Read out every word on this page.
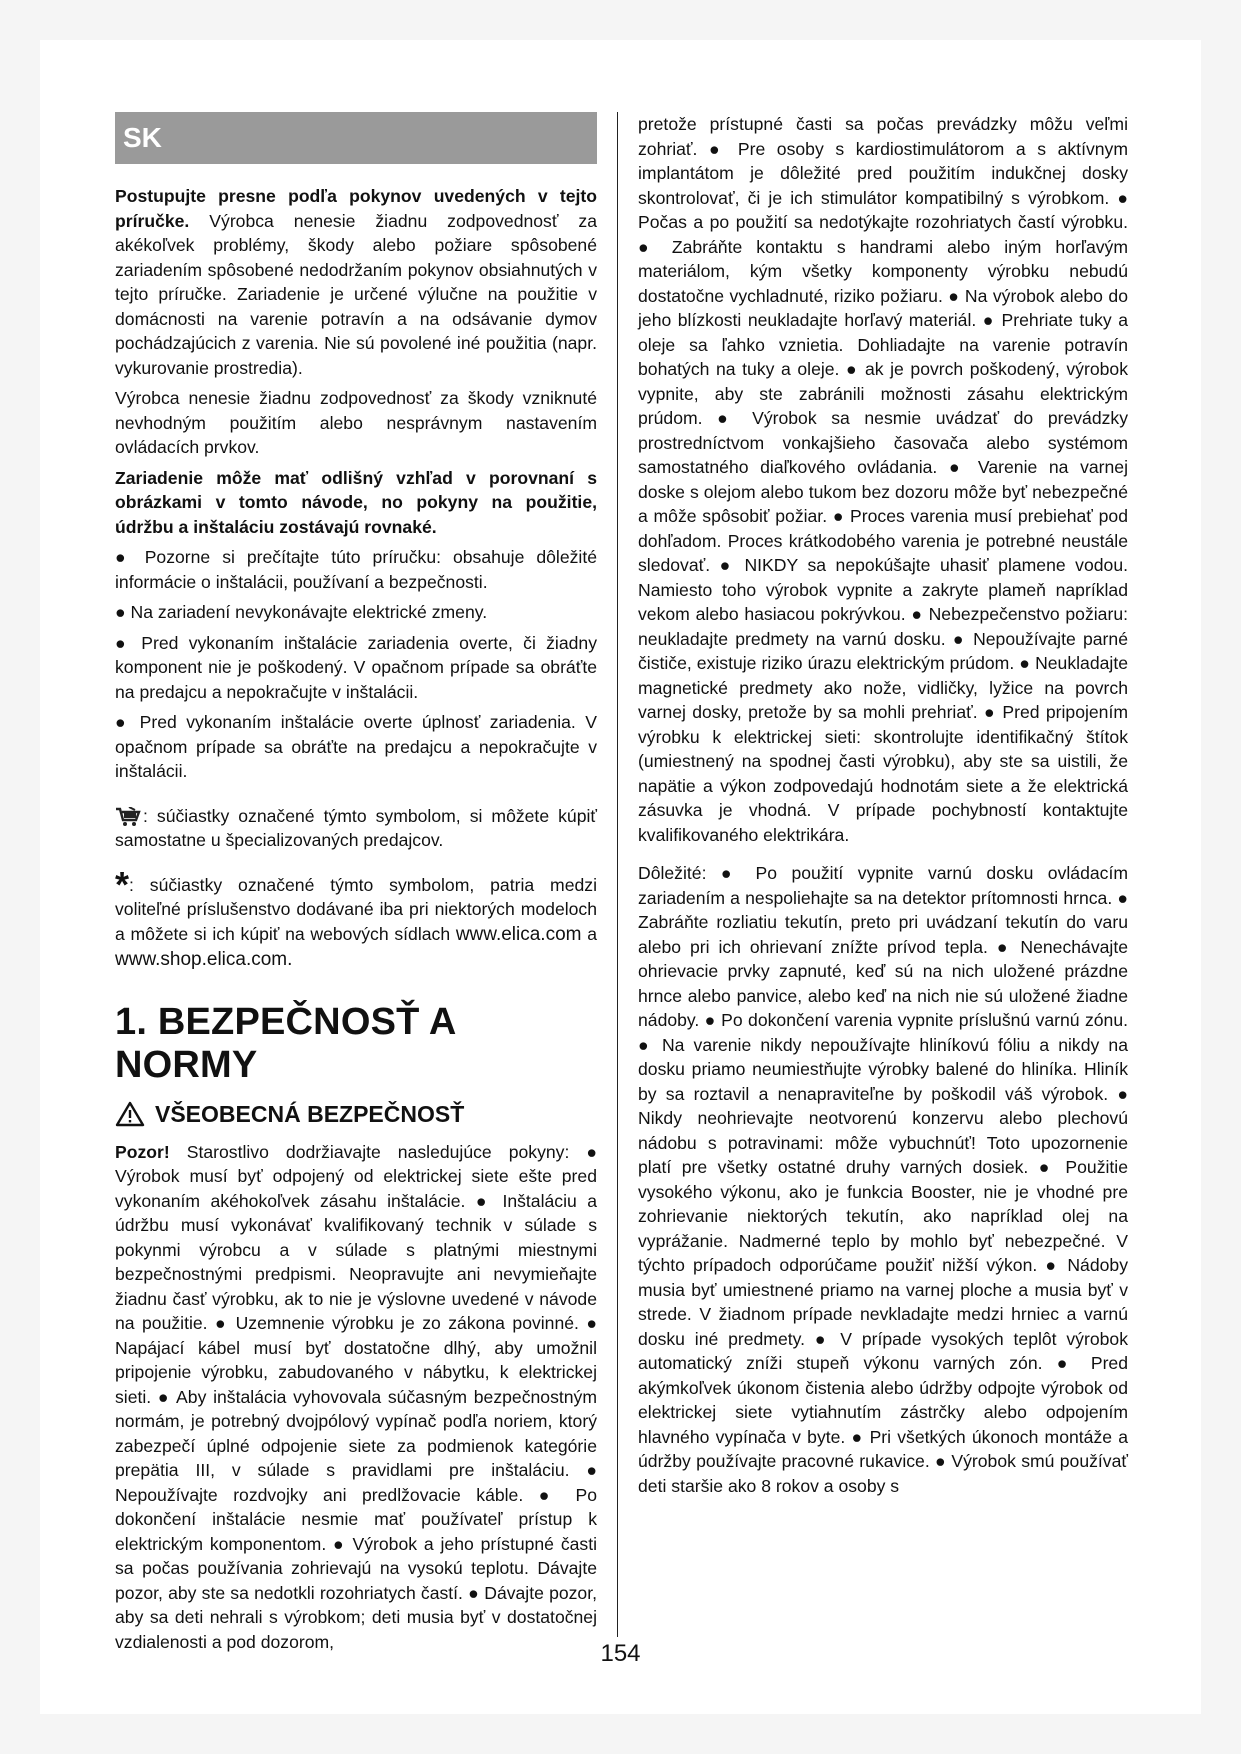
SK

Postupujte presne podľa pokynov uvedených v tejto príručke. Výrobca nenesie žiadnu zodpovednosť za akékoľvek problémy, škody alebo požiare spôsobené zariadením spôsobené nedodržaním pokynov obsiahnutých v tejto príručke. Zariadenie je určené výlučne na použitie v domácnosti na varenie potravín a na odsávanie dymov pochádzajúcich z varenia. Nie sú povolené iné použitia (napr. vykurovanie prostredia).

Výrobca nenesie žiadnu zodpovednosť za škody vzniknuté nevhodným použitím alebo nesprávnym nastavením ovládacích prvkov.

Zariadenie môže mať odlišný vzhľad v porovnaní s obrázkami v tomto návode, no pokyny na použitie, údržbu a inštaláciu zostávajú rovnaké.

● Pozorne si prečítajte túto príručku: obsahuje dôležité informácie o inštalácii, používaní a bezpečnosti.

● Na zariadení nevykonávajte elektrické zmeny.

● Pred vykonaním inštalácie zariadenia overte, či žiadny komponent nie je poškodený. V opačnom prípade sa obráťte na predajcu a nepokračujte v inštalácii.

● Pred vykonaním inštalácie overte úplnosť zariadenia. V opačnom prípade sa obráťte na predajcu a nepokračujte v inštalácii.

: súčiastky označené týmto symbolom, si môžete kúpiť samostatne u špecializovaných predajcov.

*: súčiastky označené týmto symbolom, patria medzi voliteľné príslušenstvo dodávané iba pri niektorých modeloch a môžete si ich kúpiť na webových sídlach www.elica.com a www.shop.elica.com.

1. BEZPEČNOSŤ A NORMY
VŠEOBECNÁ BEZPEČNOSŤ

Pozor! Starostlivo dodržiavajte nasledujúce pokyny: ● Výrobok musí byť odpojený od elektrickej siete ešte pred vykonaním akéhokoľvek zásahu inštalácie. ● Inštaláciu a údržbu musí vykonávať kvalifikovaný technik v súlade s pokynmi výrobcu a v súlade s platnými miestnymi bezpečnostnými predpismi. Neopravujte ani nevymieňajte žiadnu časť výrobku, ak to nie je výslovne uvedené v návode na použitie. ● Uzemnenie výrobku je zo zákona povinné. ● Napájací kábel musí byť dostatočne dlhý, aby umožnil pripojenie výrobku, zabudovaného v nábytku, k elektrickej sieti. ● Aby inštalácia vyhovovala súčasným bezpečnostným normám, je potrebný dvojpólový vypínač podľa noriem, ktorý zabezpečí úplné odpojenie siete za podmienok kategórie prepätia III, v súlade s pravidlami pre inštaláciu. ● Nepoužívajte rozdvojky ani predlžovacie káble. ● Po dokončení inštalácie nesmie mať používateľ prístup k elektrickým komponentom. ● Výrobok a jeho prístupné časti sa počas používania zohrievajú na vysokú teplotu. Dávajte pozor, aby ste sa nedotkli rozohriatych častí. ● Dávajte pozor, aby sa deti nehrali s výrobkom; deti musia byť v dostatočnej vzdialenosti a pod dozorom,

pretože prístupné časti sa počas prevádzky môžu veľmi zohriať. ● Pre osoby s kardiostimulátorom a s aktívnym implantátom je dôležité pred použitím indukčnej dosky skontrolovať, či je ich stimulátor kompatibilný s výrobkom. ● Počas a po použití sa nedotýkajte rozohriatych častí výrobku. ● Zabráňte kontaktu s handrami alebo iným horľavým materiálom, kým všetky komponenty výrobku nebudú dostatočne vychladnuté, riziko požiaru. ● Na výrobok alebo do jeho blízkosti neukladajte horľavý materiál. ● Prehriate tuky a oleje sa ľahko vznietia. Dohliadajte na varenie potravín bohatých na tuky a oleje. ● ak je povrch poškodený, výrobok vypnite, aby ste zabránili možnosti zásahu elektrickým prúdom. ● Výrobok sa nesmie uvádzať do prevádzky prostredníctvom vonkajšieho časovača alebo systémom samostatného diaľkového ovládania. ● Varenie na varnej doske s olejom alebo tukom bez dozoru môže byť nebezpečné a môže spôsobiť požiar. ● Proces varenia musí prebiehať pod dohľadom. Proces krátkodobého varenia je potrebné neustále sledovať. ● NIKDY sa nepokúšajte uhasiť plamene vodou. Namiesto toho výrobok vypnite a zakryte plameň napríklad vekom alebo hasiacou pokrývkou. ● Nebezpečenstvo požiaru: neukladajte predmety na varnú dosku. ● Nepoužívajte parné čističe, existuje riziko úrazu elektrickým prúdom. ● Neukladajte magnetické predmety ako nože, vidličky, lyžice na povrch varnej dosky, pretože by sa mohli prehriať. ● Pred pripojením výrobku k elektrickej sieti: skontrolujte identifikačný štítok (umiestnený na spodnej časti výrobku), aby ste sa uistili, že napätie a výkon zodpovedajú hodnotám siete a že elektrická zásuvka je vhodná. V prípade pochybností kontaktujte kvalifikovaného elektrikára.

Dôležité: ● Po použití vypnite varnú dosku ovládacím zariadením a nespoliehajte sa na detektor prítomnosti hrnca. ● Zabráňte rozliatiu tekutín, preto pri uvádzaní tekutín do varu alebo pri ich ohrievaní znížte prívod tepla. ● Nenechávajte ohrievacie prvky zapnuté, keď sú na nich uložené prázdne hrnce alebo panvice, alebo keď na nich nie sú uložené žiadne nádoby. ● Po dokončení varenia vypnite príslušnú varnú zónu. ● Na varenie nikdy nepoužívajte hliníkovú fóliu a nikdy na dosku priamo neumiestňujte výrobky balené do hliníka. Hliník by sa roztavil a nenapraviteľne by poškodil váš výrobok. ● Nikdy neohrievajte neotvorenú konzervu alebo plechovú nádobu s potravinami: môže vybuchnúť! Toto upozornenie platí pre všetky ostatné druhy varných dosiek. ● Použitie vysokého výkonu, ako je funkcia Booster, nie je vhodné pre zohrievanie niektorých tekutín, ako napríklad olej na vyprážanie. Nadmerné teplo by mohlo byť nebezpečné. V týchto prípadoch odporúčame použiť nižší výkon. ● Nádoby musia byť umiestnené priamo na varnej ploche a musia byť v strede. V žiadnom prípade nevkladajte medzi hrniec a varnú dosku iné predmety. ● V prípade vysokých teplôt výrobok automatický zníži stupeň výkonu varných zón. ● Pred akýmkoľvek úkonom čistenia alebo údržby odpojte výrobok od elektrickej siete vytiahnutím zástrčky alebo odpojením hlavného vypínača v byte. ● Pri všetkých úkonoch montáže a údržby používajte pracovné rukavice. ● Výrobok smú používať deti staršie ako 8 rokov a osoby s

154
